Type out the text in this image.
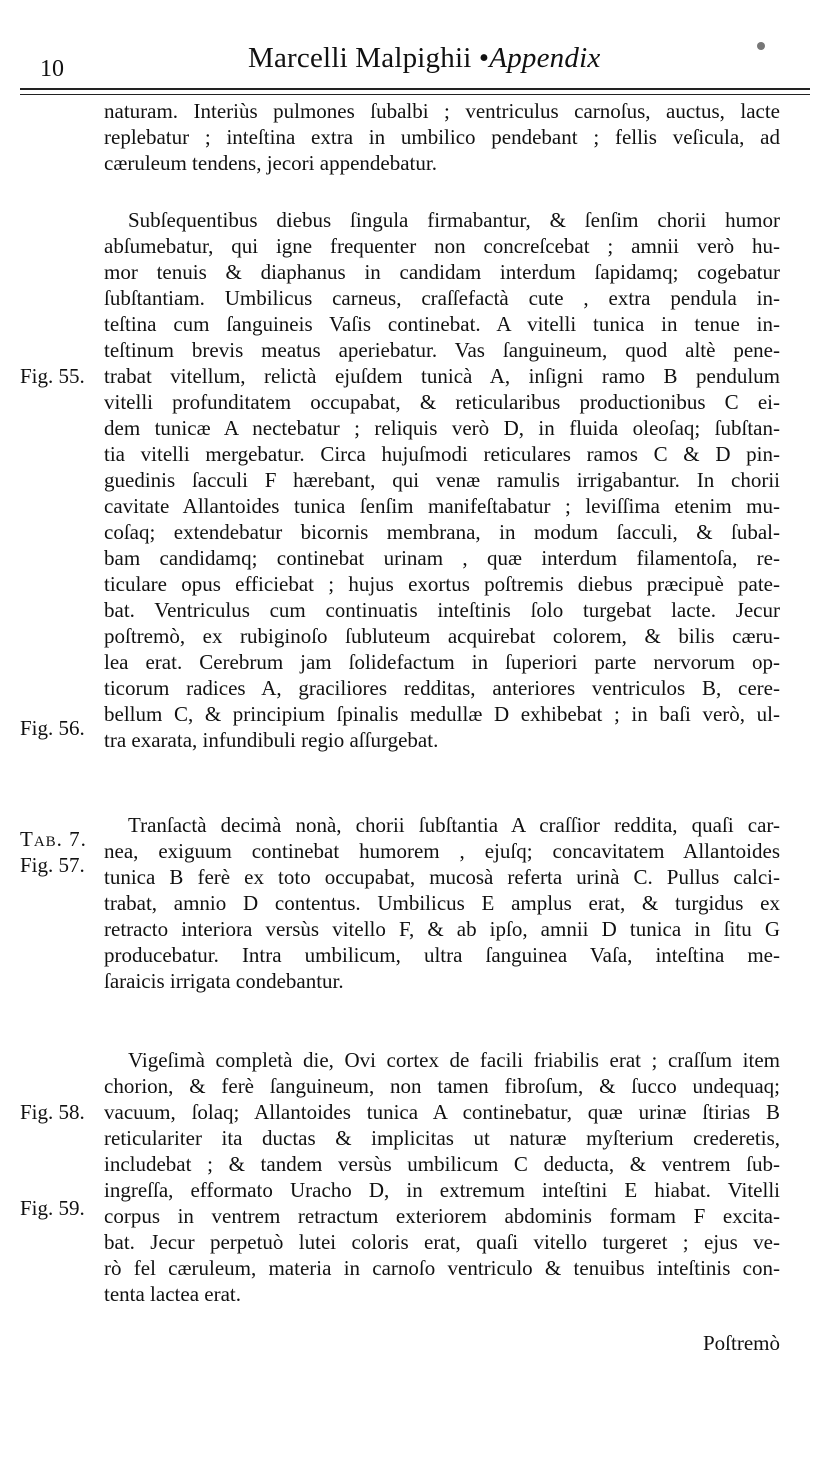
10	Marcelli Malpighii •Appendix
naturam. Interiùs pulmones ſubalbi ; ventriculus carnoſus, auctus, lacte
replebatur ; inteſtina extra in umbilico pendebant ; fellis veſicula, ad
cæruleum tendens, jecori appendebatur.
Subſequentibus diebus ſingula firmabantur, & ſenſim chorii humor
abſumebatur, qui igne frequenter non concreſcebat ; amnii verò hu-
mor tenuis & diaphanus in candidam interdum ſapidamq; cogebatur
ſubſtantiam. Umbilicus carneus, craſſefactà cute , extra pendula in-
teſtina cum ſanguineis Vaſis continebat. A vitelli tunica in tenue in-
teſtinum brevis meatus aperiebatur. Vas ſanguineum, quod altè pene-
trabat vitellum, relictà ejuſdem tunicà A, inſigni ramo B pendulum
vitelli profunditatem occupabat, & reticularibus productionibus C ei-
dem tunicæ A nectebatur ; reliquis verò D, in fluida oleoſaq; ſubſtan-
tia vitelli mergebatur. Circa hujuſmodi reticulares ramos C & D pin-
guedinis ſacculi F hærebant, qui venæ ramulis irrigabantur. In chorii
cavitate Allantoides tunica ſenſim manifeſtabatur ; leviſſima etenim mu-
coſaq; extendebatur bicornis membrana, in modum ſacculi, & ſubal-
bam candidamq; continebat urinam , quæ interdum filamentoſa, re-
ticulare opus efficiebat ; hujus exortus poſtremis diebus præcipuè pate-
bat. Ventriculus cum continuatis inteſtinis ſolo turgebat lacte. Jecur
poſtremò, ex rubiginoſo ſubluteum acquirebat colorem, & bilis cæru-
lea erat. Cerebrum jam ſolidefactum in ſuperiori parte nervorum op-
ticorum radices A, graciliores redditas, anteriores ventriculos B, cere-
bellum C, & principium ſpinalis medullæ D exhibebat ; in baſi verò, ul-
tra exarata, infundibuli regio aſſurgebat.
Tranſactà decimà nonà, chorii ſubſtantia A craſſior reddita, quaſi car-
nea, exiguum continebat humorem , ejuſq; concavitatem Allantoides
tunica B ferè ex toto occupabat, mucosà referta urinà C. Pullus calci-
trabat, amnio D contentus. Umbilicus E amplus erat, & turgidus ex
retracto interiora versùs vitello F, & ab ipſo, amnii D tunica in ſitu G
producebatur. Intra umbilicum, ultra ſanguinea Vaſa, inteſtina me-
ſaraicis irrigata condebantur.
Vigeſimà completà die, Ovi cortex de facili friabilis erat ; craſſum item
chorion, & ferè ſanguineum, non tamen fibroſum, & ſucco undequaq;
vacuum, ſolaq; Allantoides tunica A continebatur, quæ urinæ ſtirias B
reticulariter ita ductas & implicitas ut naturæ myſterium crederetis,
includebat ; & tandem versùs umbilicum C deducta, & ventrem ſub-
ingreſſa, efformato Uracho D, in extremum inteſtini E hiabat. Vitelli
corpus in ventrem retractum exteriorem abdominis formam F excita-
bat. Jecur perpetuò lutei coloris erat, quaſi vitello turgeret ; ejus ve-
rò fel cæruleum, materia in carnoſo ventriculo & tenuibus inteſtinis con-
tenta lactea erat.
Poſtremò
Fig. 55.
Fig. 56.
Tab. 7.
Fig. 57.
Fig. 58.
Fig. 59.
